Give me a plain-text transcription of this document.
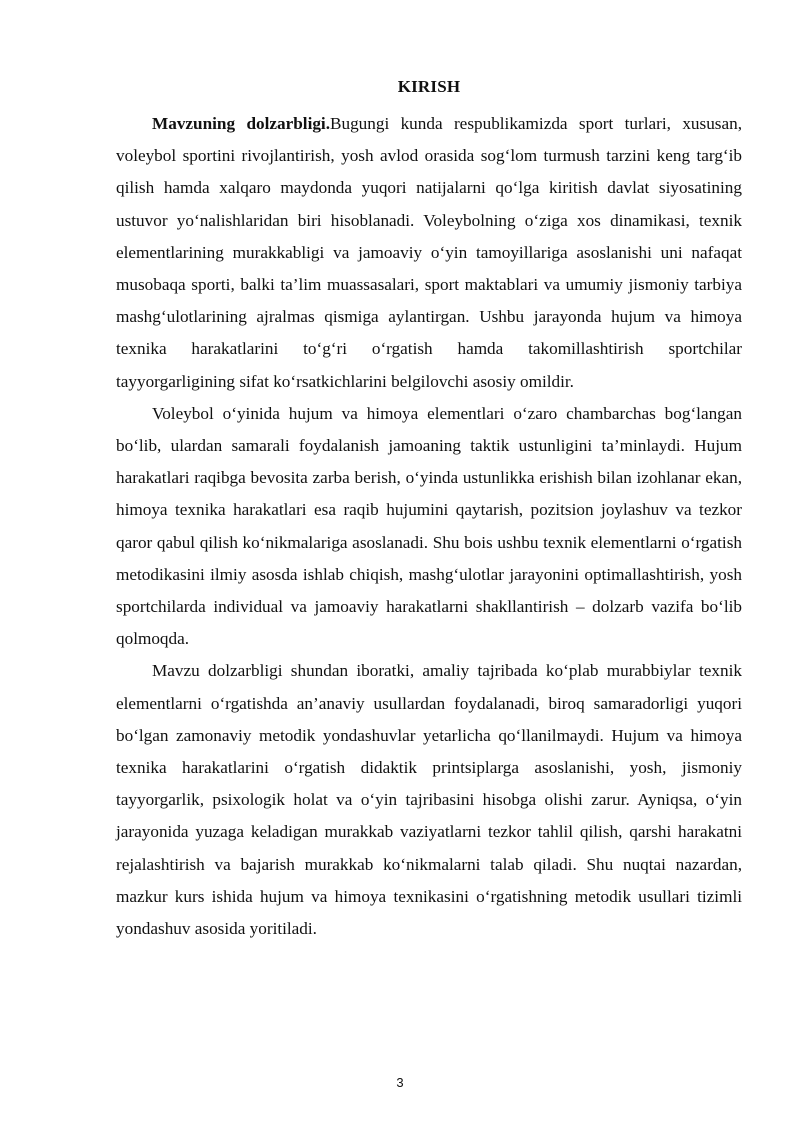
KIRISH

Mavzuning dolzarbligi.Bugungi kunda respublikamizda sport turlari, xususan, voleybol sportini rivojlantirish, yosh avlod orasida sog‘lom turmush tarzini keng targ‘ib qilish hamda xalqaro maydonda yuqori natijalarni qo‘lga kiritish davlat siyosatining ustuvor yo‘nalishlaridan biri hisoblanadi. Voleybolning o‘ziga xos dinamikasi, texnik elementlarining murakkabligi va jamoaviy o‘yin tamoyillariga asoslanishi uni nafaqat musobaqa sporti, balki ta’lim muassasalari, sport maktablari va umumiy jismoniy tarbiya mashg‘ulotlarining ajralmas qismiga aylantirgan. Ushbu jarayonda hujum va himoya texnika harakatlarini to‘g‘ri o‘rgatish hamda takomillashtirish sportchilar tayyorgarligining sifat ko‘rsatkichlarini belgilovchi asosiy omildir.

Voleybol o‘yinida hujum va himoya elementlari o‘zaro chambarchas bog‘langan bo‘lib, ulardan samarali foydalanish jamoaning taktik ustunligini ta’minlaydi. Hujum harakatlari raqibga bevosita zarba berish, o‘yinda ustunlikka erishish bilan izohlanar ekan, himoya texnika harakatlari esa raqib hujumini qaytarish, pozitsion joylashuv va tezkor qaror qabul qilish ko‘nikmalariga asoslanadi. Shu bois ushbu texnik elementlarni o‘rgatish metodikasini ilmiy asosda ishlab chiqish, mashg‘ulotlar jarayonini optimallashtirish, yosh sportchilarda individual va jamoaviy harakatlarni shakllantirish – dolzarb vazifa bo‘lib qolmoqda.

Mavzu dolzarbligi shundan iboratki, amaliy tajribada ko‘plab murabbiylar texnik elementlarni o‘rgatishda an’anaviy usullardan foydalanadi, biroq samaradorligi yuqori bo‘lgan zamonaviy metodik yondashuvlar yetarlicha qo‘llanilmaydi. Hujum va himoya texnika harakatlarini o‘rgatish didaktik printsiplarga asoslanishi, yosh, jismoniy tayyorgarlik, psixologik holat va o‘yin tajribasini hisobga olishi zarur. Ayniqsa, o‘yin jarayonida yuzaga keladigan murakkab vaziyatlarni tezkor tahlil qilish, qarshi harakatni rejalashtirish va bajarish murakkab ko‘nikmalarni talab qiladi. Shu nuqtai nazardan, mazkur kurs ishida hujum va himoya texnikasini o‘rgatishning metodik usullari tizimli yondashuv asosida yoritiladi.

3
